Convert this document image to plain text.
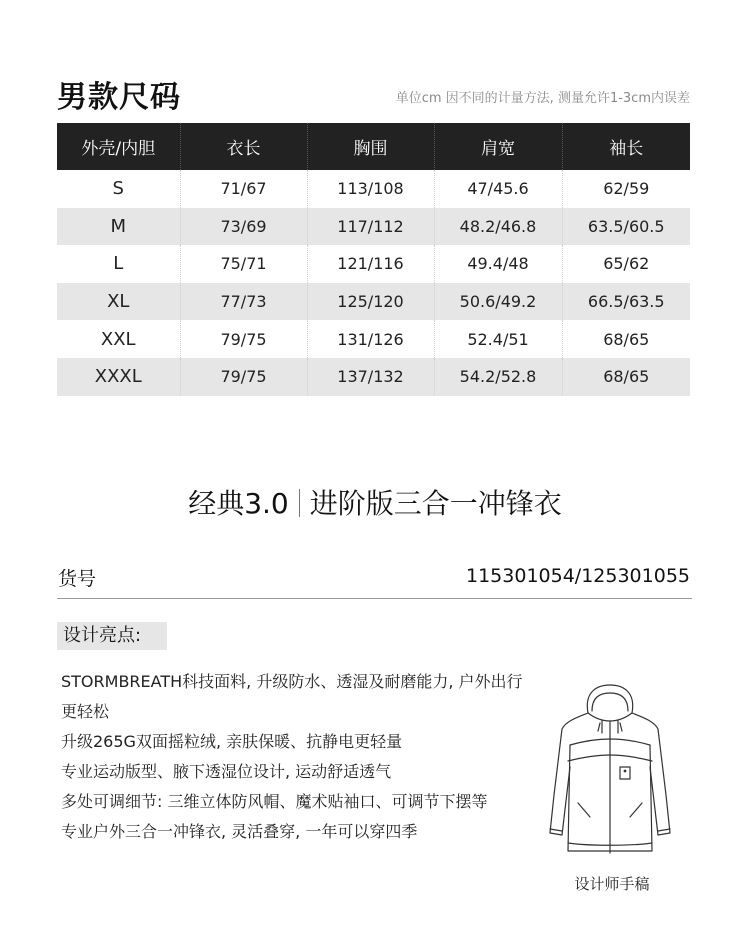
男款尺码	单位cm 因不同的计量方法, 测量允许1-3cm内误差
外壳/内胆	衣长	胸围	肩宽	袖长
S	71/67	113/108	47/45.6	62/59
M	73/69	117/112	48.2/46.8	63.5/60.5
L	75/71	121/116	49.4/48	65/62
XL	77/73	125/120	50.6/49.2	66.5/63.5
XXL	79/75	131/126	52.4/51	68/65
XXXL	79/75	137/132	54.2/52.8	68/65
经典3.0 进阶版三合一冲锋衣
货号	115301054/125301055
设计亮点:

STORMBREATH科技面料, 升级防水、透湿及耐磨能力, 户外出行更轻松

升级265G双面摇粒绒, 亲肤保暖、抗静电更轻量

专业运动版型、腋下透湿位设计, 运动舒适透气

多处可调细节: 三维立体防风帽、魔术贴袖口、可调节下摆等

专业户外三合一冲锋衣, 灵活叠穿, 一年可以穿四季

设计师手稿
